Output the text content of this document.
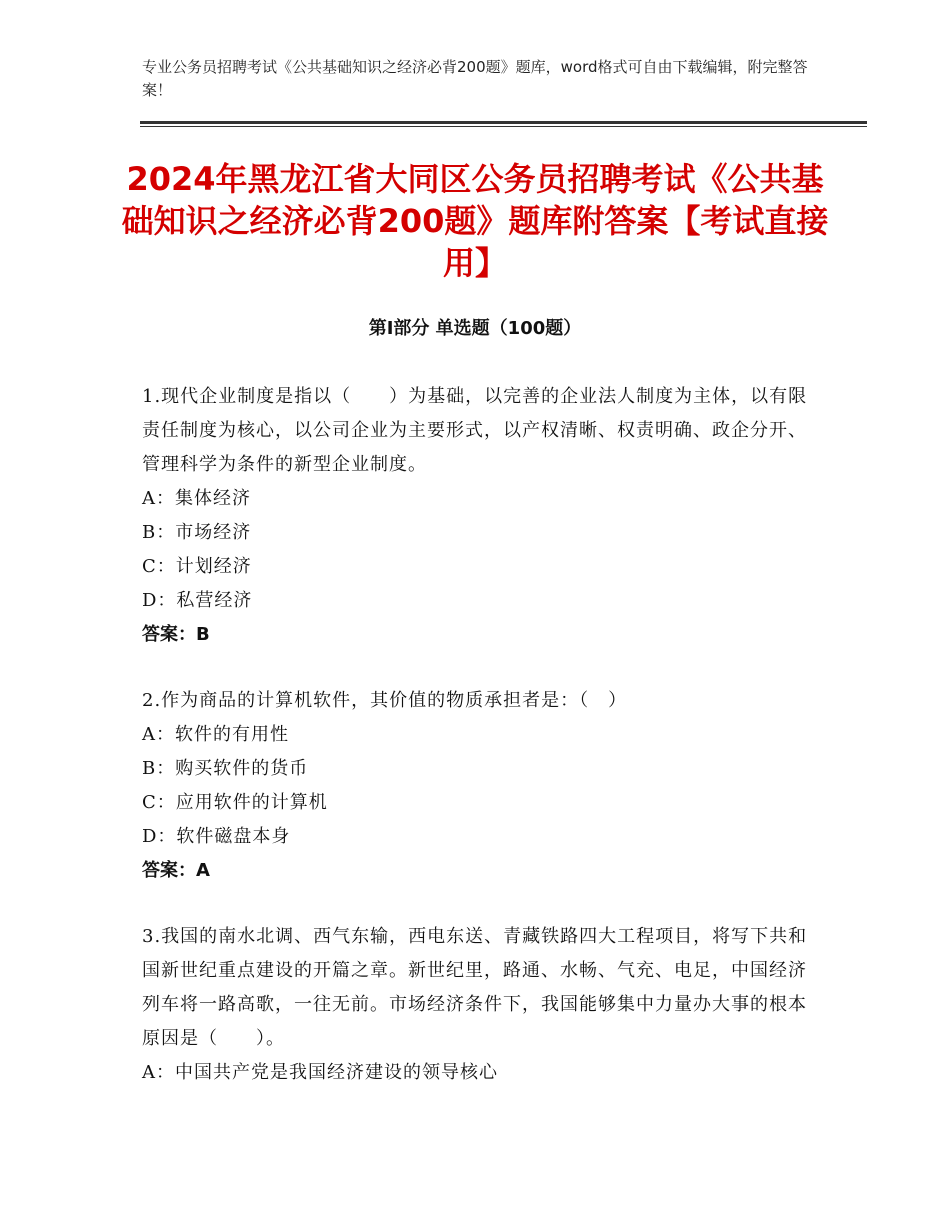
专业公务员招聘考试《公共基础知识之经济必背200题》题库，word格式可自由下载编辑，附完整答案！
2024年黑龙江省大同区公务员招聘考试《公共基础知识之经济必背200题》题库附答案【考试直接用】
第Ⅰ部分 单选题（100题）

1.现代企业制度是指以（　　）为基础，以完善的企业法人制度为主体，以有限责任制度为核心，以公司企业为主要形式，以产权清晰、权责明确、政企分开、管理科学为条件的新型企业制度。

A：集体经济

B：市场经济

C：计划经济

D：私营经济

答案：B

2.作为商品的计算机软件，其价值的物质承担者是：（　）

A：软件的有用性

B：购买软件的货币

C：应用软件的计算机

D：软件磁盘本身

答案：A

3.我国的南水北调、西气东输，西电东送、青藏铁路四大工程项目，将写下共和国新世纪重点建设的开篇之章。新世纪里，路通、水畅、气充、电足，中国经济列车将一路高歌，一往无前。市场经济条件下，我国能够集中力量办大事的根本原因是（　　）。

A：中国共产党是我国经济建设的领导核心
